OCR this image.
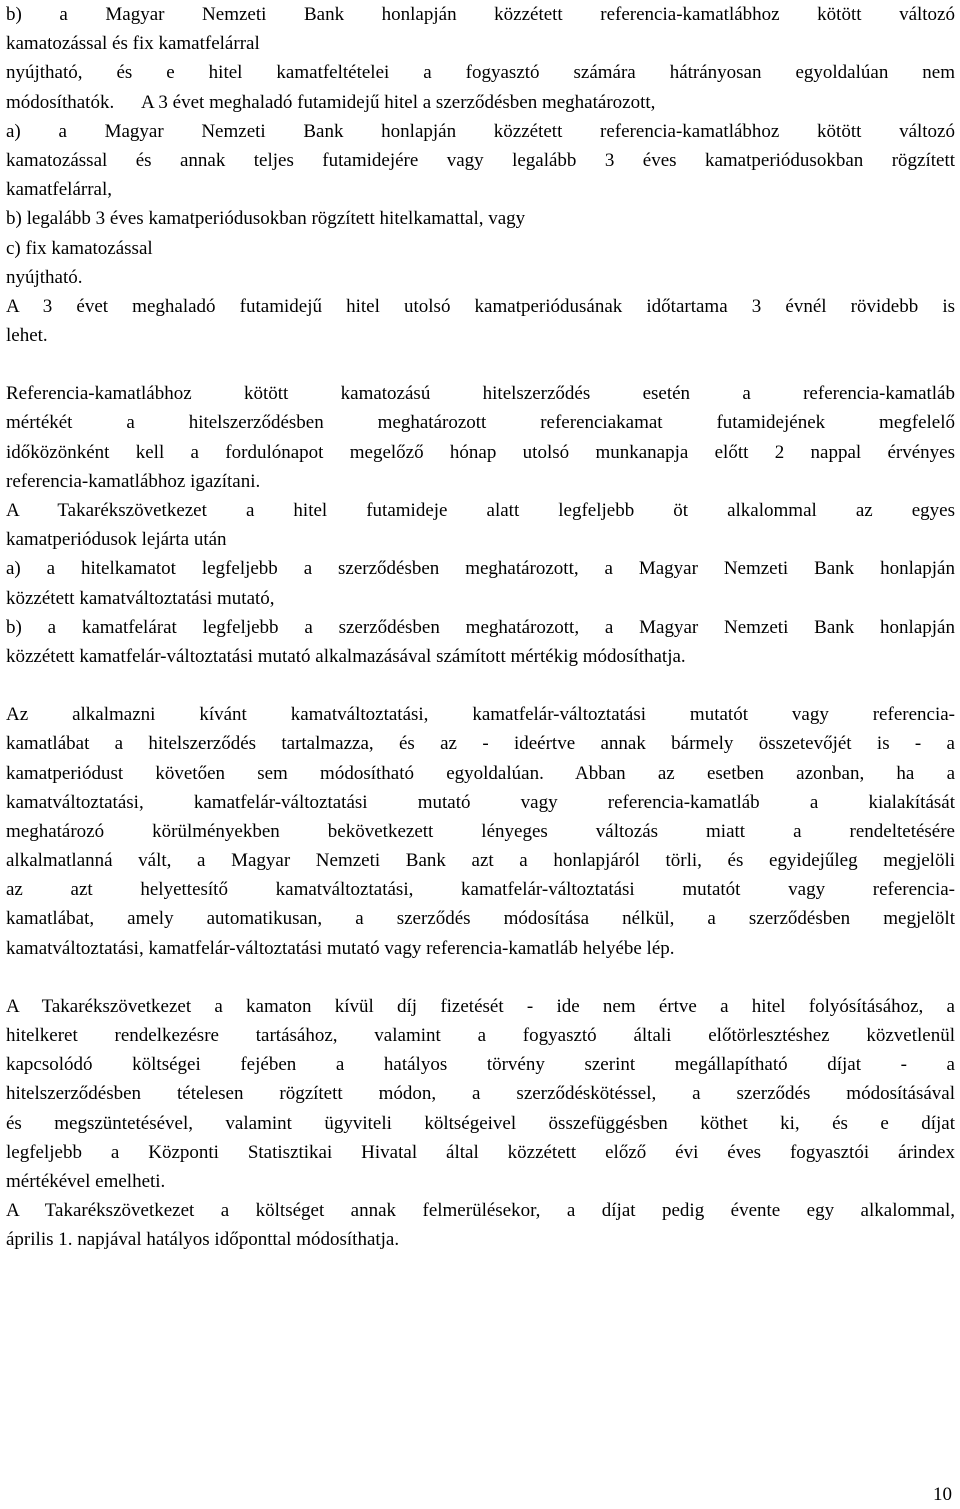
b) a Magyar Nemzeti Bank honlapján közzétett referencia-kamatlábhoz kötött változó
kamatozással és fix kamatfelárral
nyújtható, és e hitel kamatfeltételei a fogyasztó számára hátrányosan egyoldalúan nem
módosíthatók.	A 3 évet meghaladó futamidejű hitel a szerződésben meghatározott,
a) a Magyar Nemzeti Bank honlapján közzétett referencia-kamatlábhoz kötött változó
kamatozással és annak teljes futamidejére vagy legalább 3 éves kamatperiódusokban rögzített
kamatfelárral,
b) legalább 3 éves kamatperiódusokban rögzített hitelkamattal, vagy
c) fix kamatozással
nyújtható.
A 3 évet meghaladó futamidejű hitel utolsó kamatperiódusának időtartama 3 évnél rövidebb is
lehet.
Referencia-kamatlábhoz kötött kamatozású hitelszerződés esetén a referencia-kamatláb
mértékét a hitelszerződésben meghatározott referenciakamat futamidejének megfelelő
időközönként kell a fordulónapot megelőző hónap utolsó munkanapja előtt 2 nappal érvényes
referencia-kamatlábhoz igazítani.
A Takarékszövetkezet a hitel futamideje alatt legfeljebb öt alkalommal az egyes
kamatperiódusok lejárta után
a) a hitelkamatot legfeljebb a szerződésben meghatározott, a Magyar Nemzeti Bank honlapján
közzétett kamatváltoztatási mutató,
b) a kamatfelárat legfeljebb a szerződésben meghatározott, a Magyar Nemzeti Bank honlapján
közzétett kamatfelár-változtatási mutató alkalmazásával számított mértékig módosíthatja.
Az alkalmazni kívánt kamatváltoztatási, kamatfelár-változtatási mutatót vagy referencia-
kamatlábat a hitelszerződés tartalmazza, és az - ideértve annak bármely összetevőjét is - a
kamatperiódust követően sem módosítható egyoldalúan. Abban az esetben azonban, ha a
kamatváltoztatási, kamatfelár-változtatási mutató vagy referencia-kamatláb a kialakítását
meghatározó körülményekben bekövetkezett lényeges változás miatt a rendeltetésére
alkalmatlanná vált, a Magyar Nemzeti Bank azt a honlapjáról törli, és egyidejűleg megjelöli
az azt helyettesítő kamatváltoztatási, kamatfelár-változtatási mutatót vagy referencia-
kamatlábat, amely automatikusan, a szerződés módosítása nélkül, a szerződésben megjelölt
kamatváltoztatási, kamatfelár-változtatási mutató vagy referencia-kamatláb helyébe lép.
A Takarékszövetkezet a kamaton kívül díj fizetését - ide nem értve a hitel folyósításához, a
hitelkeret rendelkezésre tartásához, valamint a fogyasztó általi előtörlesztéshez közvetlenül
kapcsolódó költségei fejében a hatályos törvény szerint megállapítható díjat - a
hitelszerződésben tételesen rögzített módon, a szerződéskötéssel, a szerződés módosításával
és megszüntetésével, valamint ügyviteli költségeivel összefüggésben köthet ki, és e díjat
legfeljebb a Központi Statisztikai Hivatal által közzétett előző évi éves fogyasztói árindex
mértékével emelheti.
A Takarékszövetkezet a költséget annak felmerülésekor, a díjat pedig évente egy alkalommal,
április 1. napjával hatályos időponttal módosíthatja.
10
